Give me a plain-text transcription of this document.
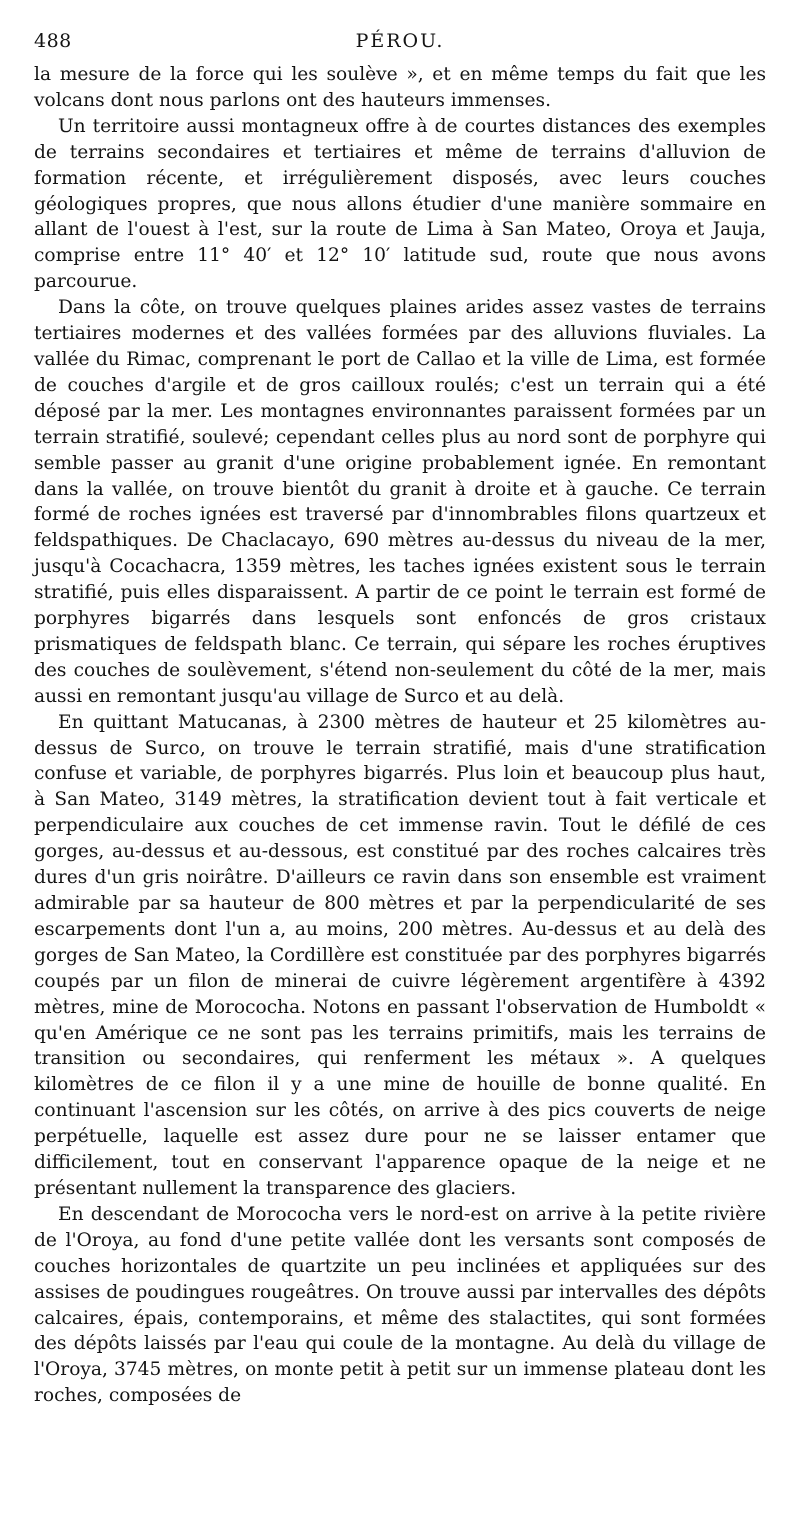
488	PÉROU.

la mesure de la force qui les soulève », et en même temps du fait que les volcans dont nous parlons ont des hauteurs immenses.

Un territoire aussi montagneux offre à de courtes distances des exemples de terrains secondaires et tertiaires et même de terrains d'alluvion de formation récente, et irrégulièrement disposés, avec leurs couches géologiques propres, que nous allons étudier d'une manière sommaire en allant de l'ouest à l'est, sur la route de Lima à San Mateo, Oroya et Jauja, comprise entre 11° 40′ et 12° 10′ latitude sud, route que nous avons parcourue.

Dans la côte, on trouve quelques plaines arides assez vastes de terrains tertiaires modernes et des vallées formées par des alluvions fluviales. La vallée du Rimac, comprenant le port de Callao et la ville de Lima, est formée de couches d'argile et de gros cailloux roulés; c'est un terrain qui a été déposé par la mer. Les montagnes environnantes paraissent formées par un terrain stratifié, soulevé; cependant celles plus au nord sont de porphyre qui semble passer au granit d'une origine probablement ignée. En remontant dans la vallée, on trouve bientôt du granit à droite et à gauche. Ce terrain formé de roches ignées est traversé par d'innombrables filons quartzeux et feldspathiques. De Chaclacayo, 690 mètres au-dessus du niveau de la mer, jusqu'à Cocachacra, 1359 mètres, les taches ignées existent sous le terrain stratifié, puis elles disparaissent. A partir de ce point le terrain est formé de porphyres bigarrés dans lesquels sont enfoncés de gros cristaux prismatiques de feldspath blanc. Ce terrain, qui sépare les roches éruptives des couches de soulèvement, s'étend non-seulement du côté de la mer, mais aussi en remontant jusqu'au village de Surco et au delà.

En quittant Matucanas, à 2300 mètres de hauteur et 25 kilomètres au-dessus de Surco, on trouve le terrain stratifié, mais d'une stratification confuse et variable, de porphyres bigarrés. Plus loin et beaucoup plus haut, à San Mateo, 3149 mètres, la stratification devient tout à fait verticale et perpendiculaire aux couches de cet immense ravin. Tout le défilé de ces gorges, au-dessus et au-dessous, est constitué par des roches calcaires très dures d'un gris noirâtre. D'ailleurs ce ravin dans son ensemble est vraiment admirable par sa hauteur de 800 mètres et par la perpendicularité de ses escarpements dont l'un a, au moins, 200 mètres. Au-dessus et au delà des gorges de San Mateo, la Cordillère est constituée par des porphyres bigarrés coupés par un filon de minerai de cuivre légèrement argentifère à 4392 mètres, mine de Morococha. Notons en passant l'observation de Humboldt « qu'en Amérique ce ne sont pas les terrains primitifs, mais les terrains de transition ou secondaires, qui renferment les métaux ». A quelques kilomètres de ce filon il y a une mine de houille de bonne qualité. En continuant l'ascension sur les côtés, on arrive à des pics couverts de neige perpétuelle, laquelle est assez dure pour ne se laisser entamer que difficilement, tout en conservant l'apparence opaque de la neige et ne présentant nullement la transparence des glaciers.

En descendant de Morococha vers le nord-est on arrive à la petite rivière de l'Oroya, au fond d'une petite vallée dont les versants sont composés de couches horizontales de quartzite un peu inclinées et appliquées sur des assises de poudingues rougeâtres. On trouve aussi par intervalles des dépôts calcaires, épais, contemporains, et même des stalactites, qui sont formées des dépôts laissés par l'eau qui coule de la montagne. Au delà du village de l'Oroya, 3745 mètres, on monte petit à petit sur un immense plateau dont les roches, composées de
